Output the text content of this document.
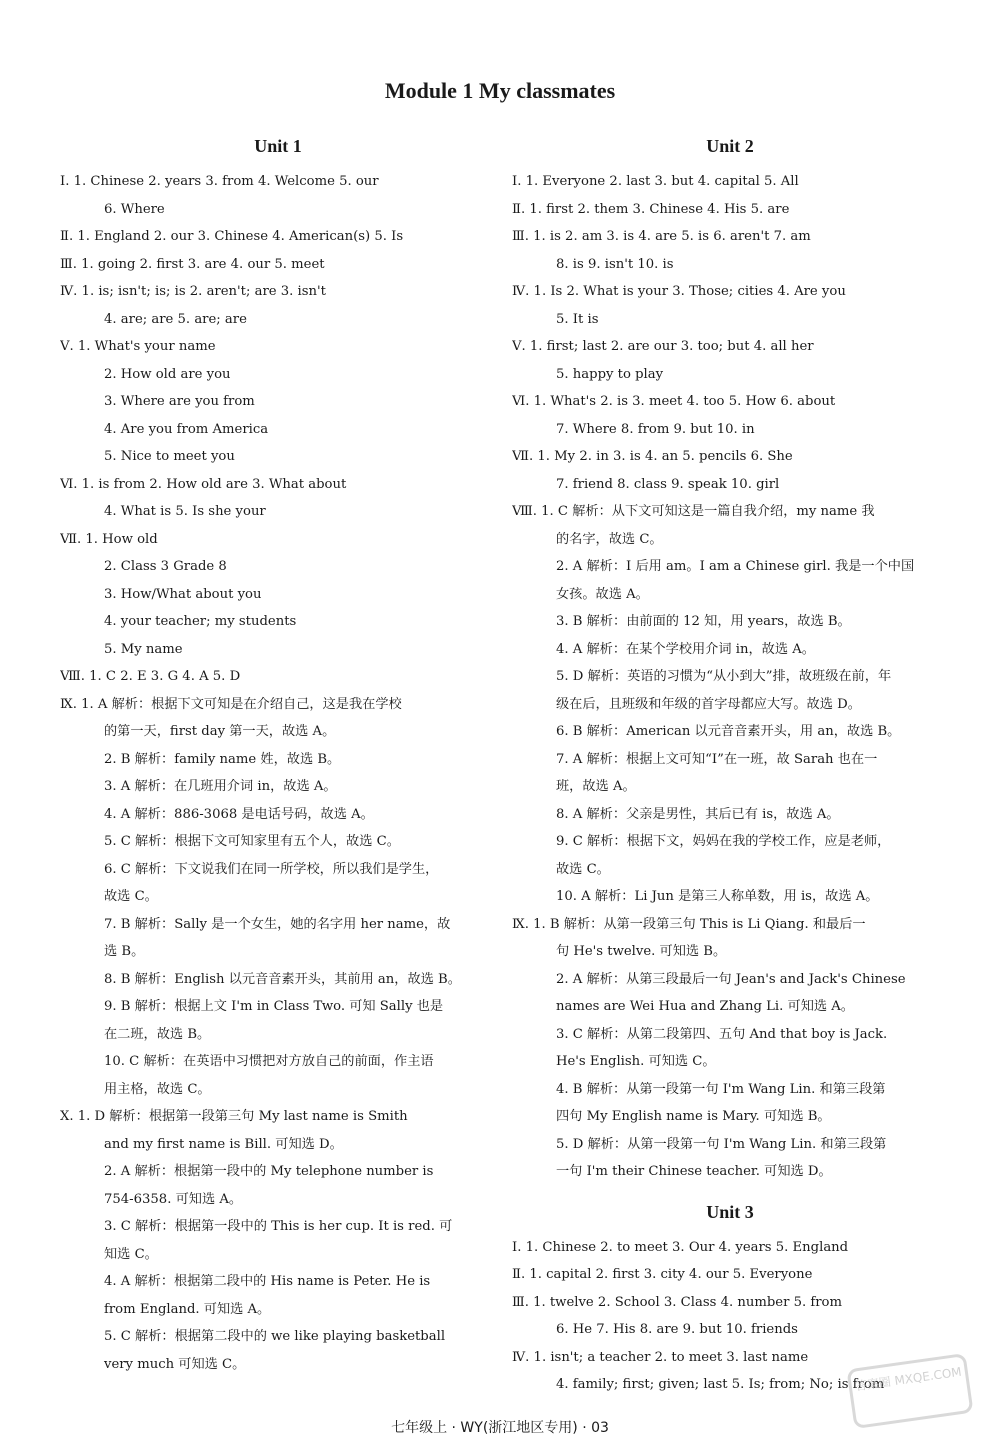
Module 1 My classmates
Unit 1
Ⅰ. 1. Chinese 2. years 3. from 4. Welcome 5. our
6. Where
Ⅱ. 1. England 2. our 3. Chinese 4. American(s) 5. Is
Ⅲ. 1. going 2. first 3. are 4. our 5. meet
Ⅳ. 1. is; isn't; is; is 2. aren't; are 3. isn't
4. are; are 5. are; are
Ⅴ. 1. What's your name
2. How old are you
3. Where are you from
4. Are you from America
5. Nice to meet you
Ⅵ. 1. is from 2. How old are 3. What about
4. What is 5. Is she your
Ⅶ. 1. How old
2. Class 3 Grade 8
3. How/What about you
4. your teacher; my students
5. My name
Ⅷ. 1. C 2. E 3. G 4. A 5. D
Ⅸ. 1. A 解析：根据下文可知是在介绍自己，这是我在学校
的第一天，first day 第一天，故选 A。
2. B 解析：family name 姓，故选 B。
3. A 解析：在几班用介词 in，故选 A。
4. A 解析：886-3068 是电话号码，故选 A。
5. C 解析：根据下文可知家里有五个人，故选 C。
6. C 解析：下文说我们在同一所学校，所以我们是学生，
故选 C。
7. B 解析：Sally 是一个女生，她的名字用 her name，故
选 B。
8. B 解析：English 以元音音素开头，其前用 an，故选 B。
9. B 解析：根据上文 I'm in Class Two. 可知 Sally 也是
在二班，故选 B。
10. C 解析：在英语中习惯把对方放自己的前面，作主语
用主格，故选 C。
Ⅹ. 1. D 解析：根据第一段第三句 My last name is Smith
and my first name is Bill. 可知选 D。
2. A 解析：根据第一段中的 My telephone number is
754-6358. 可知选 A。
3. C 解析：根据第一段中的 This is her cup. It is red. 可
知选 C。
4. A 解析：根据第二段中的 His name is Peter. He is
from England. 可知选 A。
5. C 解析：根据第二段中的 we like playing basketball
very much 可知选 C。
Unit 2
Ⅰ. 1. Everyone 2. last 3. but 4. capital 5. All
Ⅱ. 1. first 2. them 3. Chinese 4. His 5. are
Ⅲ. 1. is 2. am 3. is 4. are 5. is 6. aren't 7. am
8. is 9. isn't 10. is
Ⅳ. 1. Is 2. What is your 3. Those; cities 4. Are you
5. It is
Ⅴ. 1. first; last 2. are our 3. too; but 4. all her
5. happy to play
Ⅵ. 1. What's 2. is 3. meet 4. too 5. How 6. about
7. Where 8. from 9. but 10. in
Ⅶ. 1. My 2. in 3. is 4. an 5. pencils 6. She
7. friend 8. class 9. speak 10. girl
Ⅷ. 1. C 解析：从下文可知这是一篇自我介绍，my name 我
的名字，故选 C。
2. A 解析：I 后用 am。I am a Chinese girl. 我是一个中国
女孩。故选 A。
3. B 解析：由前面的 12 知，用 years，故选 B。
4. A 解析：在某个学校用介词 in，故选 A。
5. D 解析：英语的习惯为“从小到大”排，故班级在前，年
级在后，且班级和年级的首字母都应大写。故选 D。
6. B 解析：American 以元音音素开头，用 an，故选 B。
7. A 解析：根据上文可知“I”在一班，故 Sarah 也在一
班，故选 A。
8. A 解析：父亲是男性，其后已有 is，故选 A。
9. C 解析：根据下文，妈妈在我的学校工作，应是老师，
故选 C。
10. A 解析：Li Jun 是第三人称单数，用 is，故选 A。
Ⅸ. 1. B 解析：从第一段第三句 This is Li Qiang. 和最后一
句 He's twelve. 可知选 B。
2. A 解析：从第三段最后一句 Jean's and Jack's Chinese
names are Wei Hua and Zhang Li. 可知选 A。
3. C 解析：从第二段第四、五句 And that boy is Jack.
He's English. 可知选 C。
4. B 解析：从第一段第一句 I'm Wang Lin. 和第三段第
四句 My English name is Mary. 可知选 B。
5. D 解析：从第一段第一句 I'm Wang Lin. 和第三段第
一句 I'm their Chinese teacher. 可知选 D。
Unit 3
Ⅰ. 1. Chinese 2. to meet 3. Our 4. years 5. England
Ⅱ. 1. capital 2. first 3. city 4. our 5. Everyone
Ⅲ. 1. twelve 2. School 3. Class 4. number 5. from
6. He 7. His 8. are 9. but 10. friends
Ⅳ. 1. isn't; a teacher 2. to meet 3. last name
4. family; first; given; last 5. Is; from; No; is from
七年级上 · WY(浙江地区专用) · 03
答案圈 MXQE.COM
